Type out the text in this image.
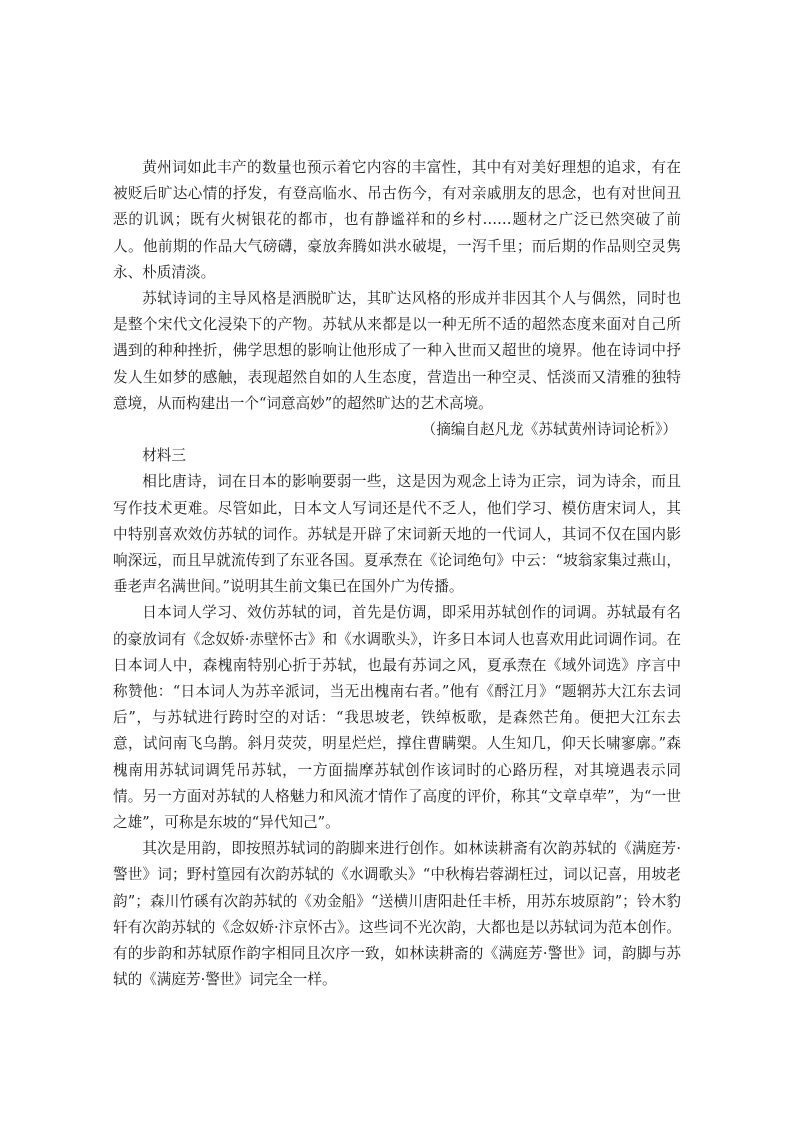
黄州词如此丰产的数量也预示着它内容的丰富性，其中有对美好理想的追求，有在被贬后旷达心情的抒发，有登高临水、吊古伤今，有对亲戚朋友的思念，也有对世间丑恶的讥讽；既有火树银花的都市，也有静谧祥和的乡村……题材之广泛已然突破了前人。他前期的作品大气磅礴，豪放奔腾如洪水破堤，一泻千里；而后期的作品则空灵隽永、朴质清淡。

苏轼诗词的主导风格是洒脱旷达，其旷达风格的形成并非因其个人与偶然，同时也是整个宋代文化浸染下的产物。苏轼从来都是以一种无所不适的超然态度来面对自己所遇到的种种挫折，佛学思想的影响让他形成了一种入世而又超世的境界。他在诗词中抒发人生如梦的感触，表现超然自如的人生态度，营造出一种空灵、恬淡而又清雅的独特意境，从而构建出一个“词意高妙”的超然旷达的艺术高境。

（摘编自赵凡龙《苏轼黄州诗词论析》）

材料三

相比唐诗，词在日本的影响要弱一些，这是因为观念上诗为正宗，词为诗余，而且写作技术更难。尽管如此，日本文人写词还是代不乏人，他们学习、模仿唐宋词人，其中特别喜欢效仿苏轼的词作。苏轼是开辟了宋词新天地的一代词人，其词不仅在国内影响深远，而且早就流传到了东亚各国。夏承焘在《论词绝句》中云：“坡翁家集过燕山，垂老声名满世间。”说明其生前文集已在国外广为传播。

日本词人学习、效仿苏轼的词，首先是仿调，即采用苏轼创作的词调。苏轼最有名的豪放词有《念奴娇·赤壁怀古》和《水调歌头》，许多日本词人也喜欢用此词调作词。在日本词人中，森槐南特别心折于苏轼，也最有苏词之风，夏承焘在《域外词选》序言中称赞他：“日本词人为苏辛派词，当无出槐南右者。”他有《酹江月》“题辋苏大江东去词后”，与苏轼进行跨时空的对话：“我思坡老，铁绰板歌，是森然芒角。便把大江东去意，试问南飞乌鹊。斜月荧荧，明星烂烂，撑住曹瞒槊。人生知几，仰天长啸寥廓。”森槐南用苏轼词调凭吊苏轼，一方面揣摩苏轼创作该词时的心路历程，对其境遇表示同情。另一方面对苏轼的人格魅力和风流才情作了高度的评价，称其“文章卓荦”，为“一世之雄”，可称是东坡的“异代知己”。

其次是用韵，即按照苏轼词的韵脚来进行创作。如林读耕斋有次韵苏轼的《满庭芳·警世》词；野村篁园有次韵苏轼的《水调歌头》“中秋梅岩蓉湖枉过，词以记喜，用坡老韵”；森川竹磎有次韵苏轼的《劝金船》“送横川唐阳赴任丰桥，用苏东坡原韵”；铃木豹轩有次韵苏轼的《念奴娇·汴京怀古》。这些词不光次韵，大都也是以苏轼词为范本创作。有的步韵和苏轼原作韵字相同且次序一致，如林读耕斋的《满庭芳·警世》词，韵脚与苏轼的《满庭芳·警世》词完全一样。
